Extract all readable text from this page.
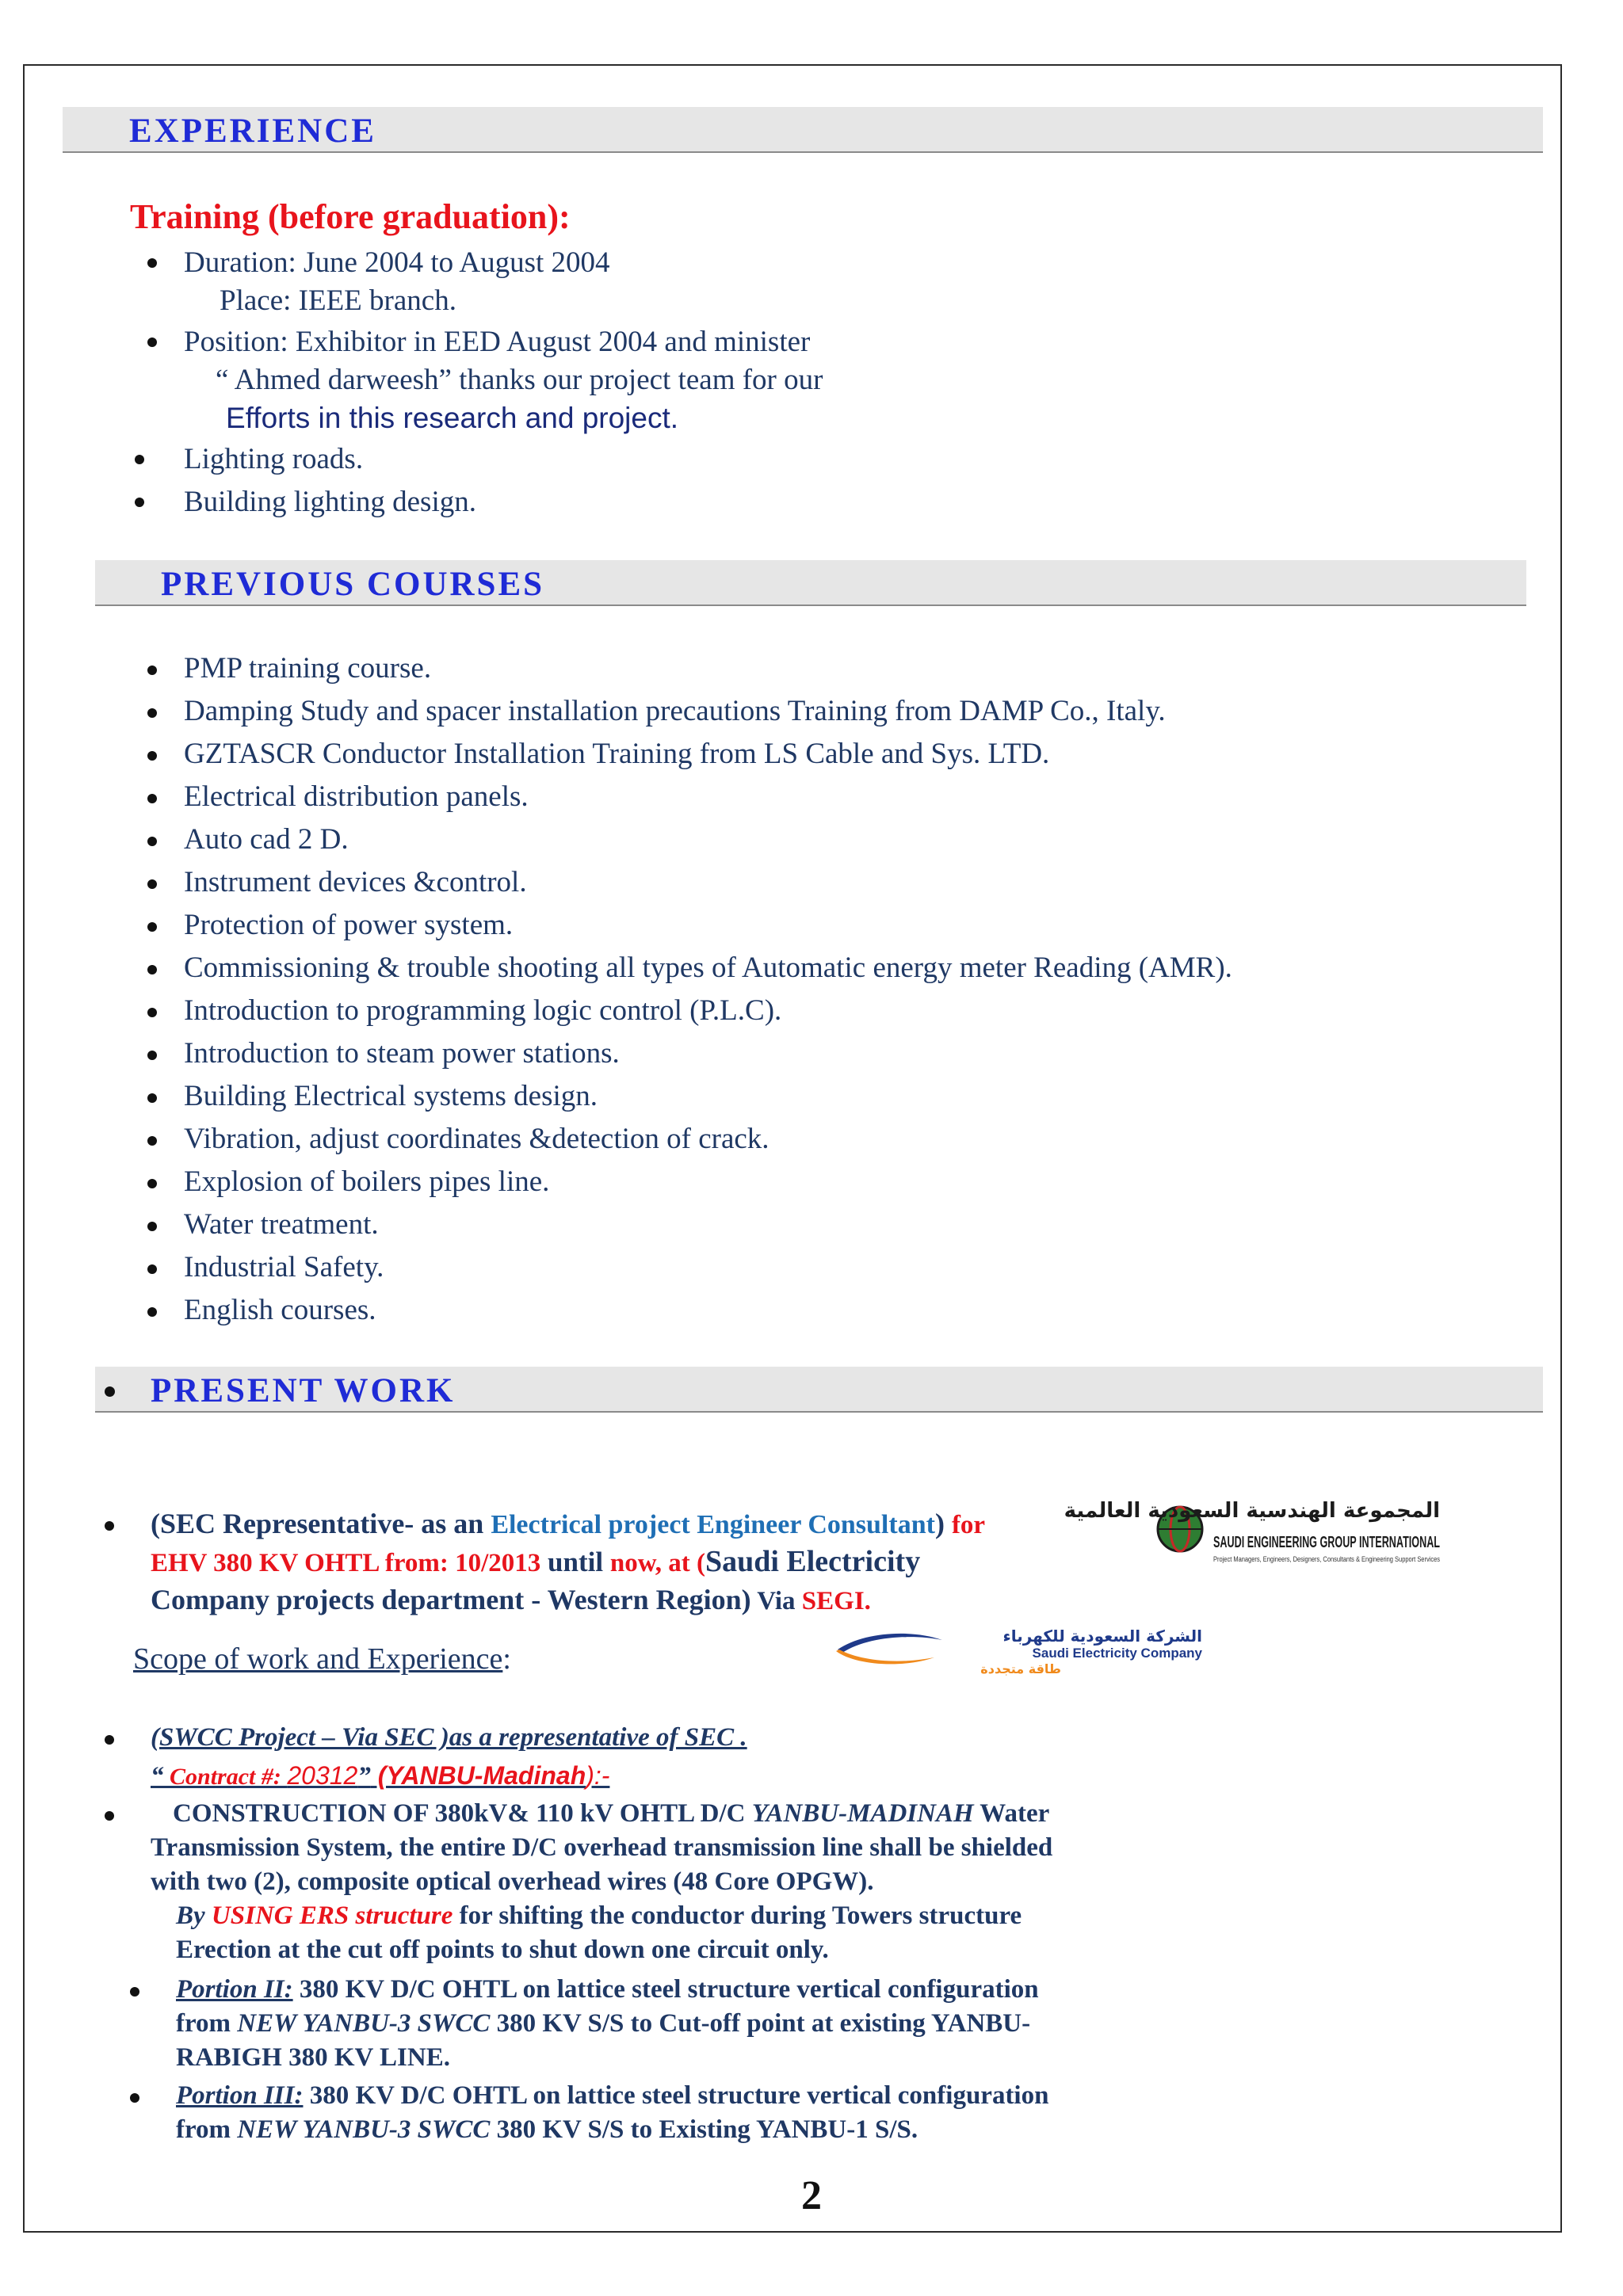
EXPERIENCE
Training (before graduation):
Duration: June 2004 to August 2004
Place: IEEE branch.
Position: Exhibitor in EED August 2004 and minister
“ Ahmed darweesh” thanks our project team for our
Efforts in this research and project.
Lighting roads.
Building lighting design.
PREVIOUS COURSES
PMP training course.
Damping Study and spacer installation precautions Training from DAMP Co., Italy.
GZTASCR Conductor Installation Training from LS Cable and Sys. LTD.
Electrical distribution panels.
Auto cad 2 D.
Instrument devices &control.
Protection of power system.
Commissioning & trouble shooting all types of Automatic energy meter Reading (AMR).
Introduction to programming logic control (P.L.C).
Introduction to steam power stations.
Building Electrical systems design.
Vibration, adjust coordinates &detection of crack.
Explosion of boilers pipes line.
Water treatment.
Industrial Safety.
English courses.
PRESENT WORK
(SEC Representative- as an Electrical project Engineer Consultant) for
EHV 380 KV OHTL from: 10/2013 until now, at (Saudi Electricity
Company projects department - Western Region) Via SEGI.
المجموعة الهندسية السعودية العالمية
SAUDI ENGINEERING GROUP INTERNATIONAL
Project Managers, Engineers, Designers, Consultants & Engineering Support Services
Scope of work and Experience:
الشركة السعودية للكهرباء
Saudi Electricity Company
طاقة متجددة
(SWCC Project – Via SEC )as a representative of SEC .
“ Contract #: 20312” (YANBU-Madinah):-
CONSTRUCTION OF 380kV& 110 kV OHTL D/C YANBU-MADINAH Water
Transmission System, the entire D/C overhead transmission line shall be shielded
with two (2), composite optical overhead wires (48 Core OPGW).
By USING ERS structure for shifting the conductor during Towers structure
Erection at the cut off points to shut down one circuit only.
Portion II: 380 KV D/C OHTL on lattice steel structure vertical configuration
from NEW YANBU-3 SWCC 380 KV S/S to Cut-off point at existing YANBU-
RABIGH 380 KV LINE.
Portion III: 380 KV D/C OHTL on lattice steel structure vertical configuration
from NEW YANBU-3 SWCC 380 KV S/S to Existing YANBU-1 S/S.
2
